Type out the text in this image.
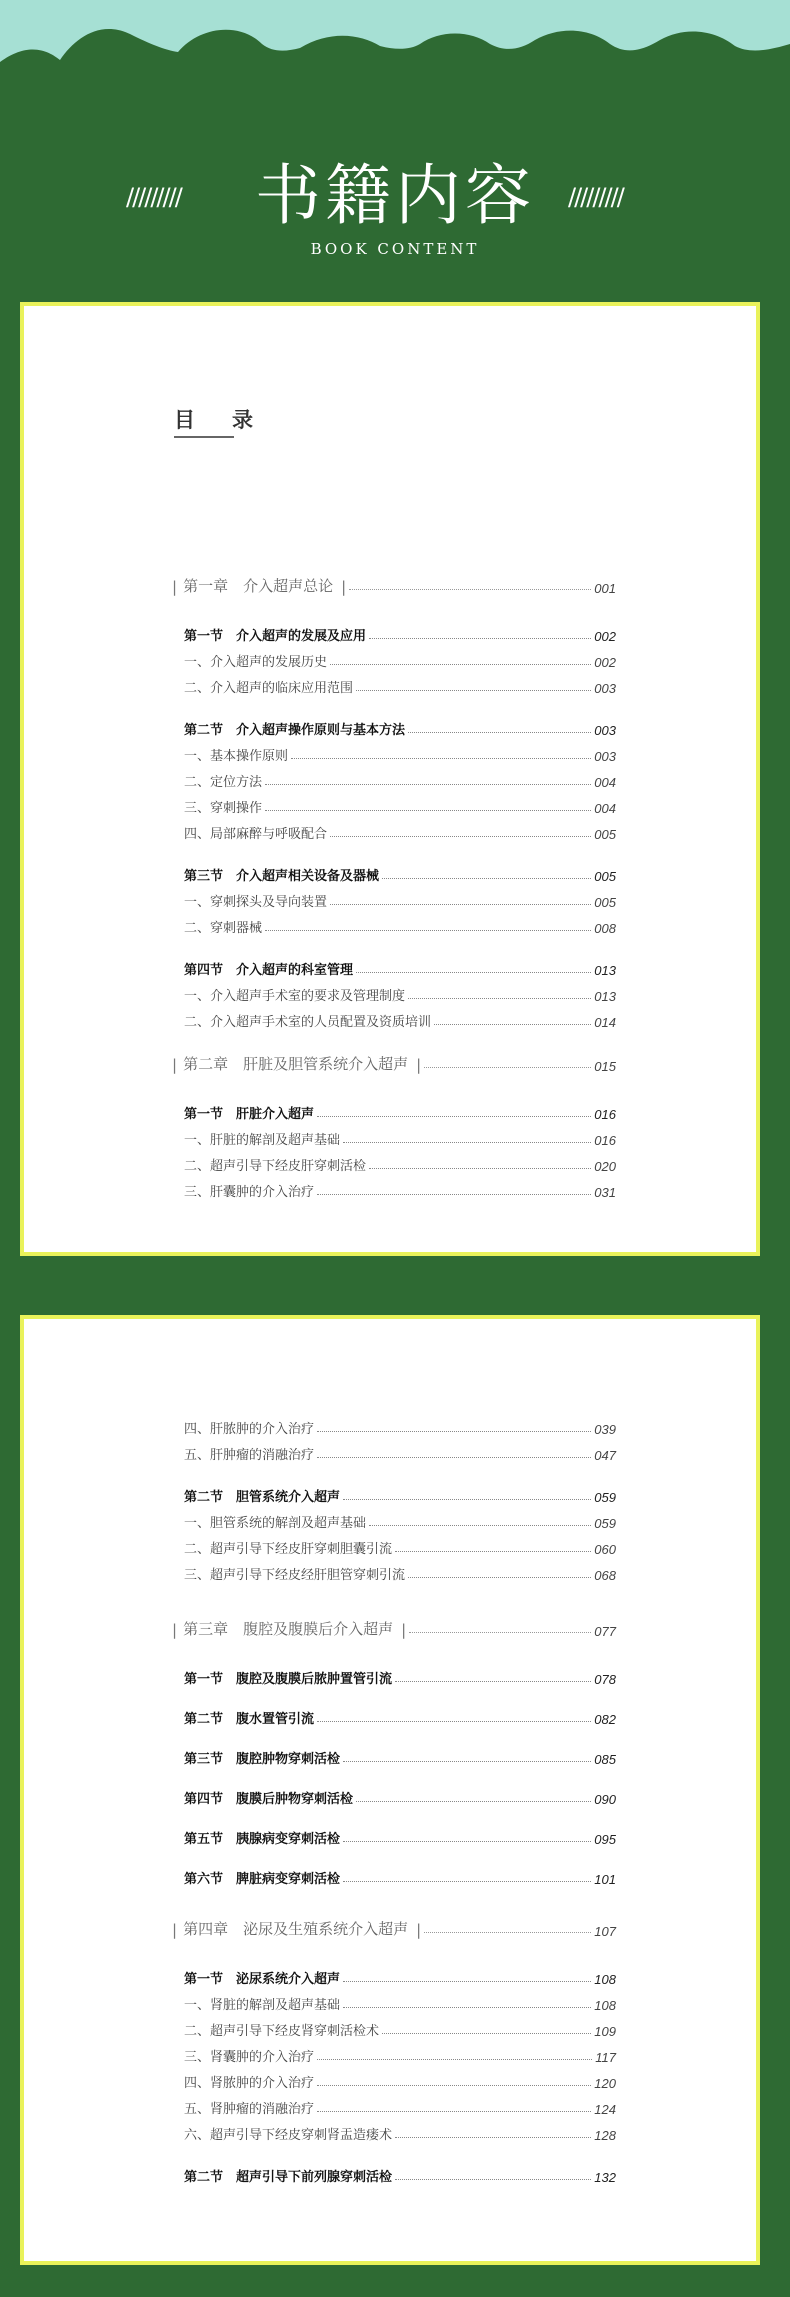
/////////	书籍内容	/////////
BOOK CONTENT
目　录
| 第一章　介入超声总论 |	001
第一节　介入超声的发展及应用	002
一、介入超声的发展历史	002
二、介入超声的临床应用范围	003
第二节　介入超声操作原则与基本方法	003
一、基本操作原则	003
二、定位方法	004
三、穿刺操作	004
四、局部麻醉与呼吸配合	005
第三节　介入超声相关设备及器械	005
一、穿刺探头及导向装置	005
二、穿刺器械	008
第四节　介入超声的科室管理	013
一、介入超声手术室的要求及管理制度	013
二、介入超声手术室的人员配置及资质培训	014
| 第二章　肝脏及胆管系统介入超声 |	015
第一节　肝脏介入超声	016
一、肝脏的解剖及超声基础	016
二、超声引导下经皮肝穿刺活检	020
三、肝囊肿的介入治疗	031
四、肝脓肿的介入治疗	039
五、肝肿瘤的消融治疗	047
第二节　胆管系统介入超声	059
一、胆管系统的解剖及超声基础	059
二、超声引导下经皮肝穿刺胆囊引流	060
三、超声引导下经皮经肝胆管穿刺引流	068
| 第三章　腹腔及腹膜后介入超声 |	077
第一节　腹腔及腹膜后脓肿置管引流	078
第二节　腹水置管引流	082
第三节　腹腔肿物穿刺活检	085
第四节　腹膜后肿物穿刺活检	090
第五节　胰腺病变穿刺活检	095
第六节　脾脏病变穿刺活检	101
| 第四章　泌尿及生殖系统介入超声 |	107
第一节　泌尿系统介入超声	108
一、肾脏的解剖及超声基础	108
二、超声引导下经皮肾穿刺活检术	109
三、肾囊肿的介入治疗	117
四、肾脓肿的介入治疗	120
五、肾肿瘤的消融治疗	124
六、超声引导下经皮穿刺肾盂造瘘术	128
第二节　超声引导下前列腺穿刺活检	132
